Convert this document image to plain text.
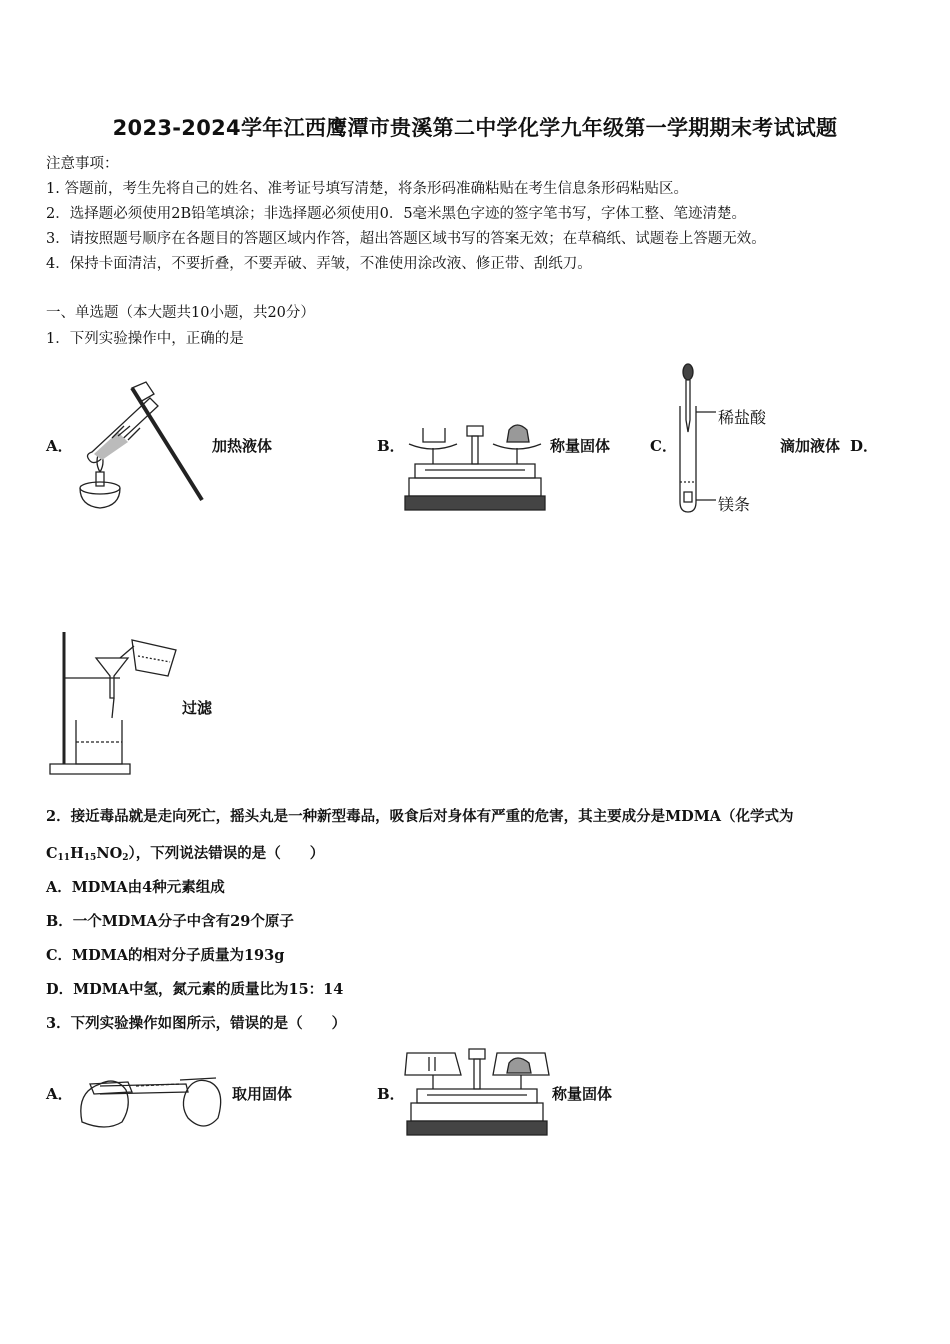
2023-2024学年江西鹰潭市贵溪第二中学化学九年级第一学期期末考试试题
注意事项：
1. 答题前，考生先将自己的姓名、准考证号填写清楚，将条形码准确粘贴在考生信息条形码粘贴区。
2．选择题必须使用2B铅笔填涂；非选择题必须使用0．5毫米黑色字迹的签字笔书写，字体工整、笔迹清楚。
3．请按照题号顺序在各题目的答题区域内作答，超出答题区域书写的答案无效；在草稿纸、试题卷上答题无效。
4．保持卡面清洁，不要折叠，不要弄破、弄皱，不准使用涂改液、修正带、刮纸刀。
一、单选题（本大题共10小题，共20分）
1．下列实验操作中，正确的是
A．	加热液体	B．	称量固体	C．
稀盐酸
镁条
滴加液体 D．
过滤
2．接近毒品就是走向死亡，摇头丸是一种新型毒品，吸食后对身体有严重的危害，其主要成分是MDMA（化学式为
$C_{11}H_{15}NO_2$），下列说法错误的是（　　）
A．MDMA由4种元素组成
B．一个MDMA分子中含有29个原子
C．MDMA的相对分子质量为193g
D．MDMA中氢，氮元素的质量比为15：14
3．下列实验操作如图所示，错误的是（　　）
A．	取用固体	B．	称量固体
